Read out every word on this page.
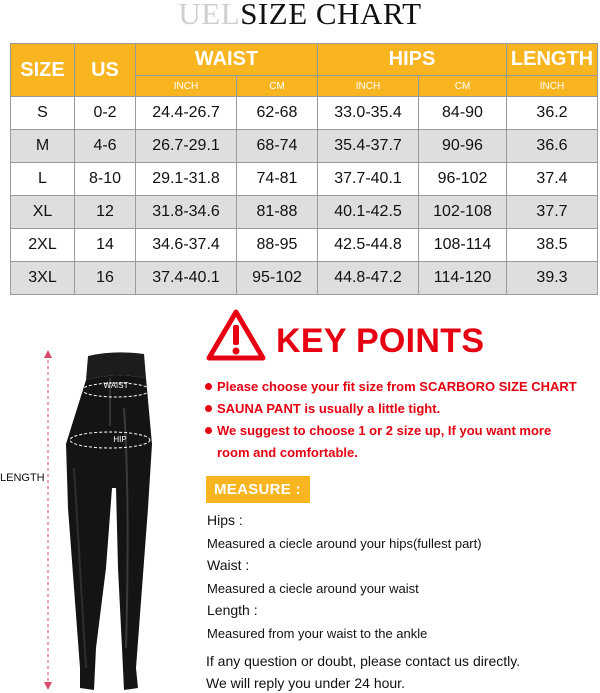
UELSIZE CHART
SIZE	US	WAIST		HIPS		LENGTH
		INCH	CM	INCH	CM	INCH
S	0-2	24.4-26.7	62-68	33.0-35.4	84-90	36.2
M	4-6	26.7-29.1	68-74	35.4-37.7	90-96	36.6
L	8-10	29.1-31.8	74-81	37.7-40.1	96-102	37.4
XL	12	31.8-34.6	81-88	40.1-42.5	102-108	37.7
2XL	14	34.6-37.4	88-95	42.5-44.8	108-114	38.5
3XL	16	37.4-40.1	95-102	44.8-47.2	114-120	39.3
WAIST
HIP
LENGTH
KEY POINTS
Please choose your fit size from SCARBORO SIZE CHART
SAUNA PANT is usually a little tight.
We suggest to choose 1 or 2 size up, If you want more
room and comfortable.
MEASURE :
Hips :
Measured a ciecle around your hips(fullest part)
Waist :
Measured a ciecle around your waist
Length :
Measured from your waist to the ankle
If any question or doubt, please contact us directly.
We will reply you under 24 hour.
